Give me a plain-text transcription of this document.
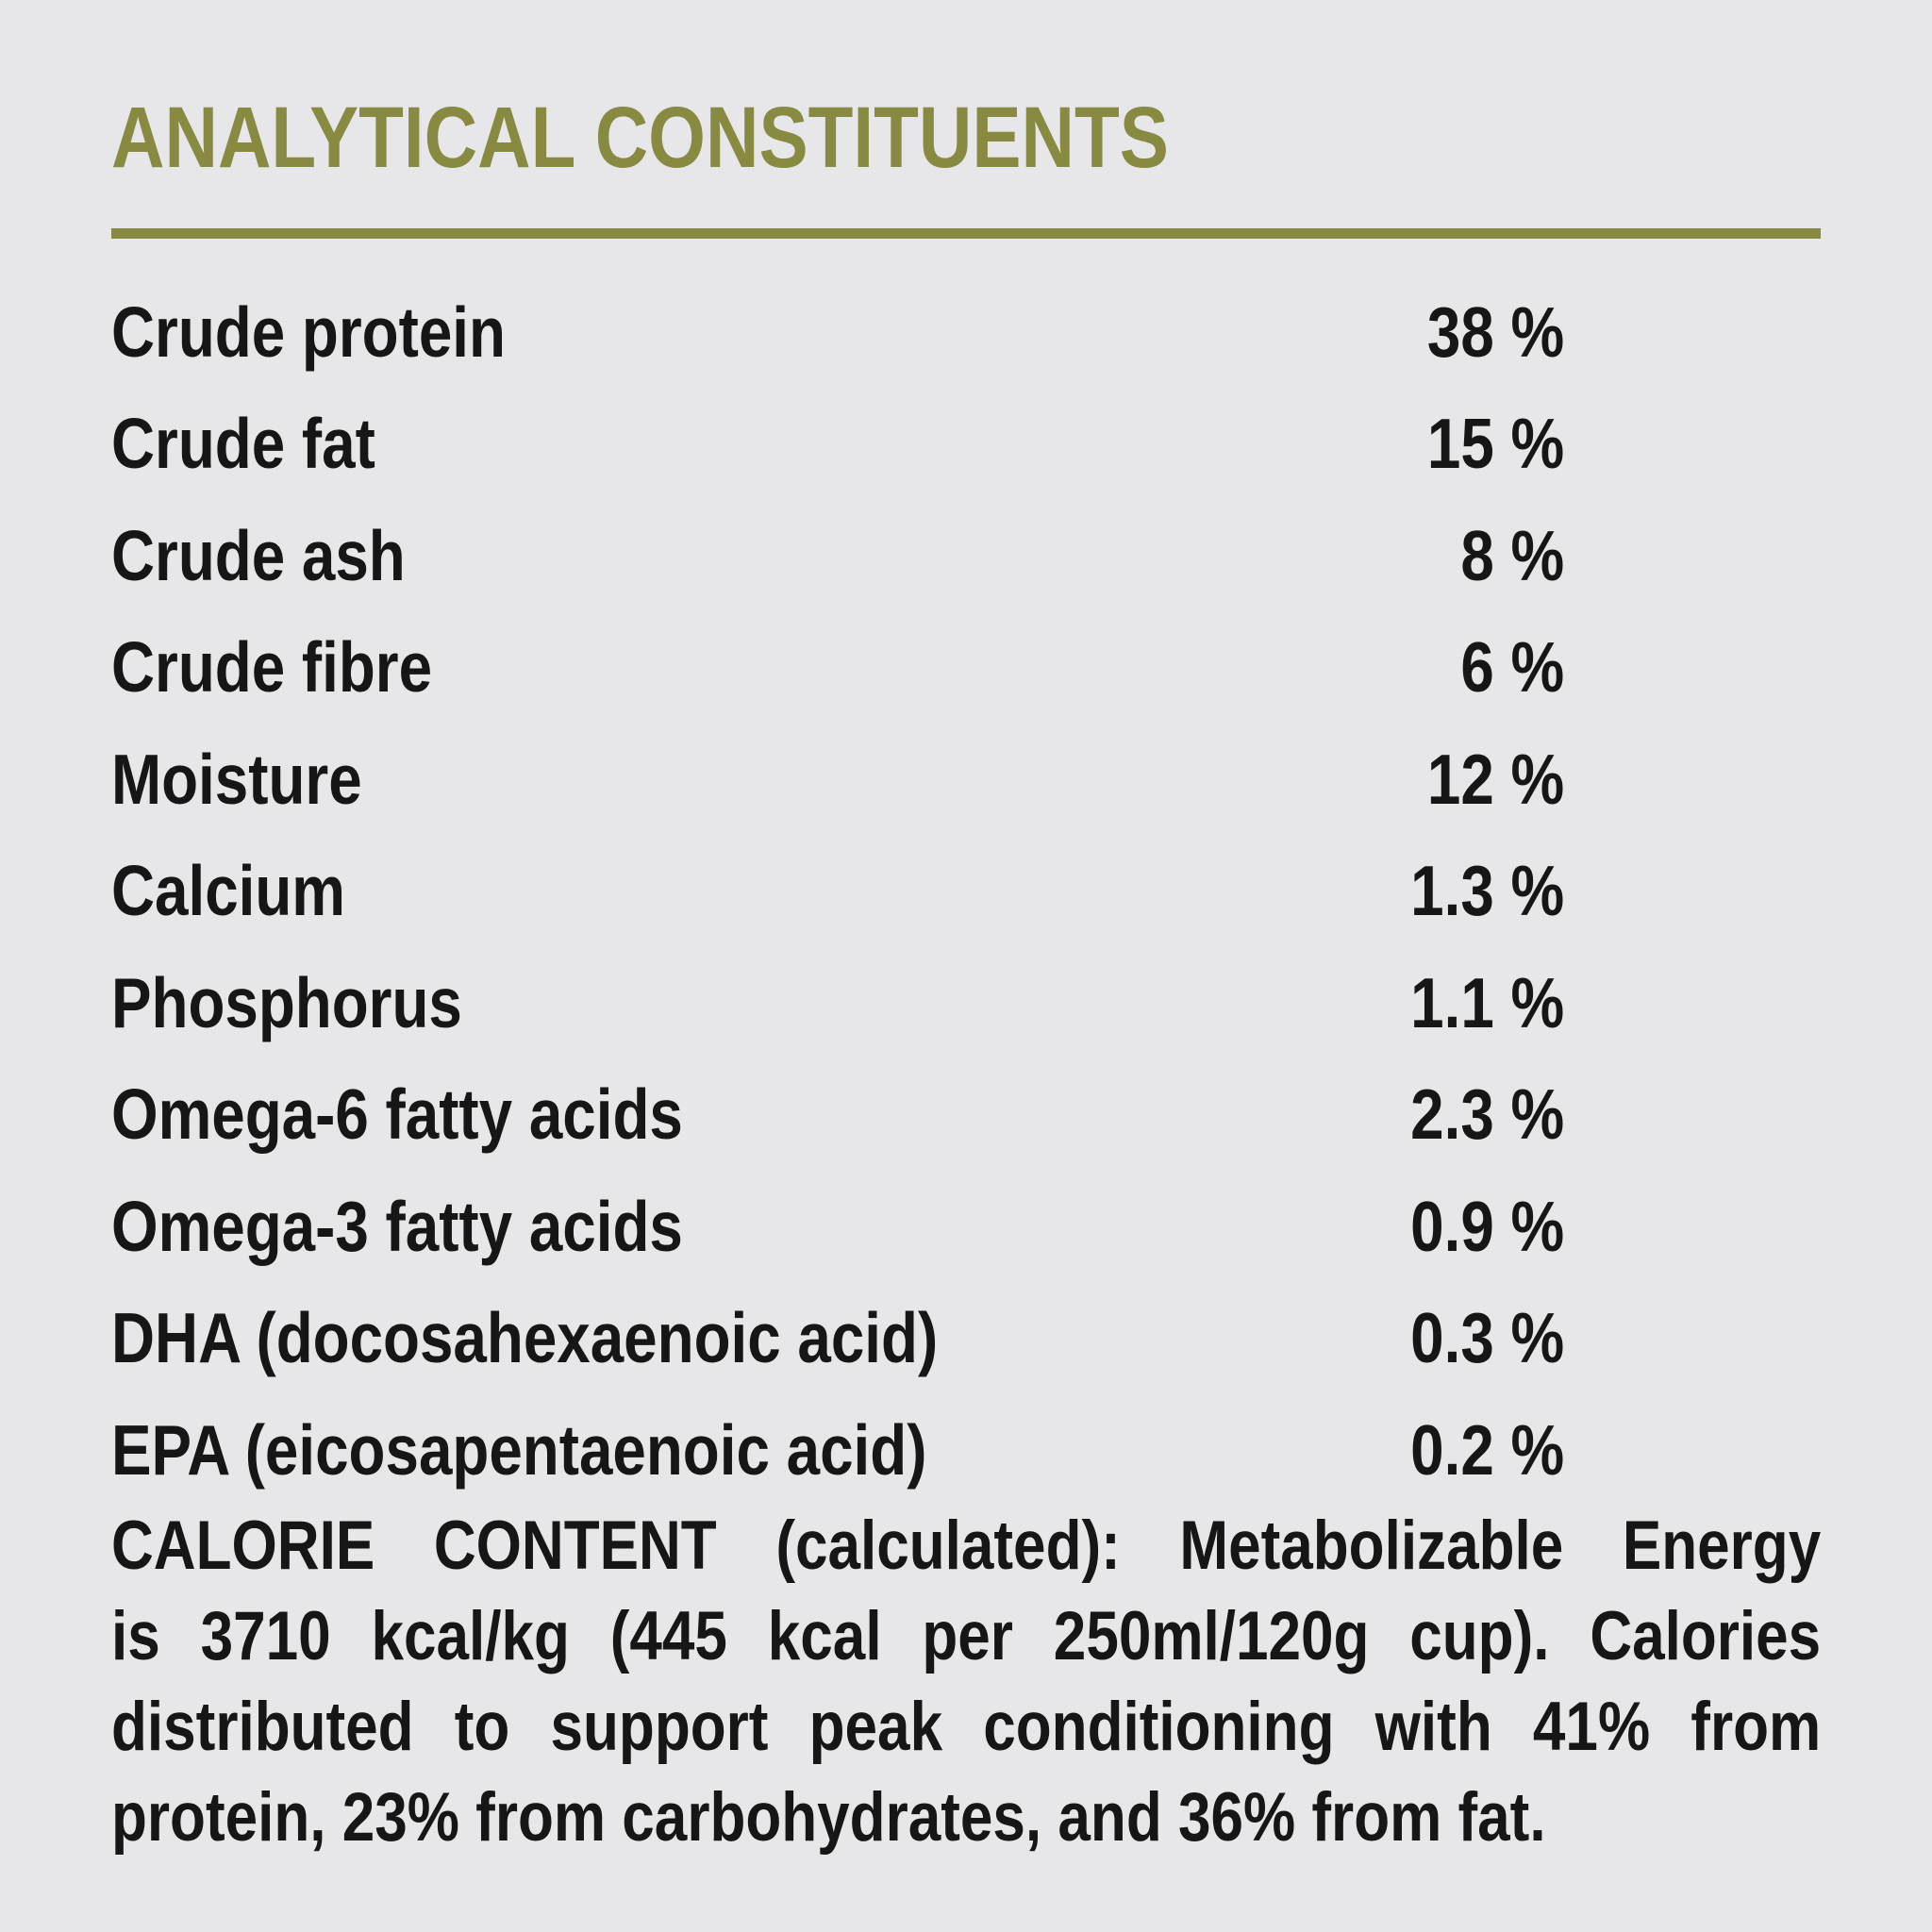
ANALYTICAL CONSTITUENTS
Crude protein	38 %
Crude fat	15 %
Crude ash	8 %
Crude fibre	6 %
Moisture	12 %
Calcium	1.3 %
Phosphorus	1.1 %
Omega-6 fatty acids	2.3 %
Omega-3 fatty acids	0.9 %
DHA (docosahexaenoic acid)	0.3 %
EPA (eicosapentaenoic acid)	0.2 %
CALORIE CONTENT (calculated): Metabolizable Energy
is 3710 kcal/kg (445 kcal per 250ml/120g cup). Calories
distributed to support peak conditioning with 41% from
protein, 23% from carbohydrates, and 36% from fat.
